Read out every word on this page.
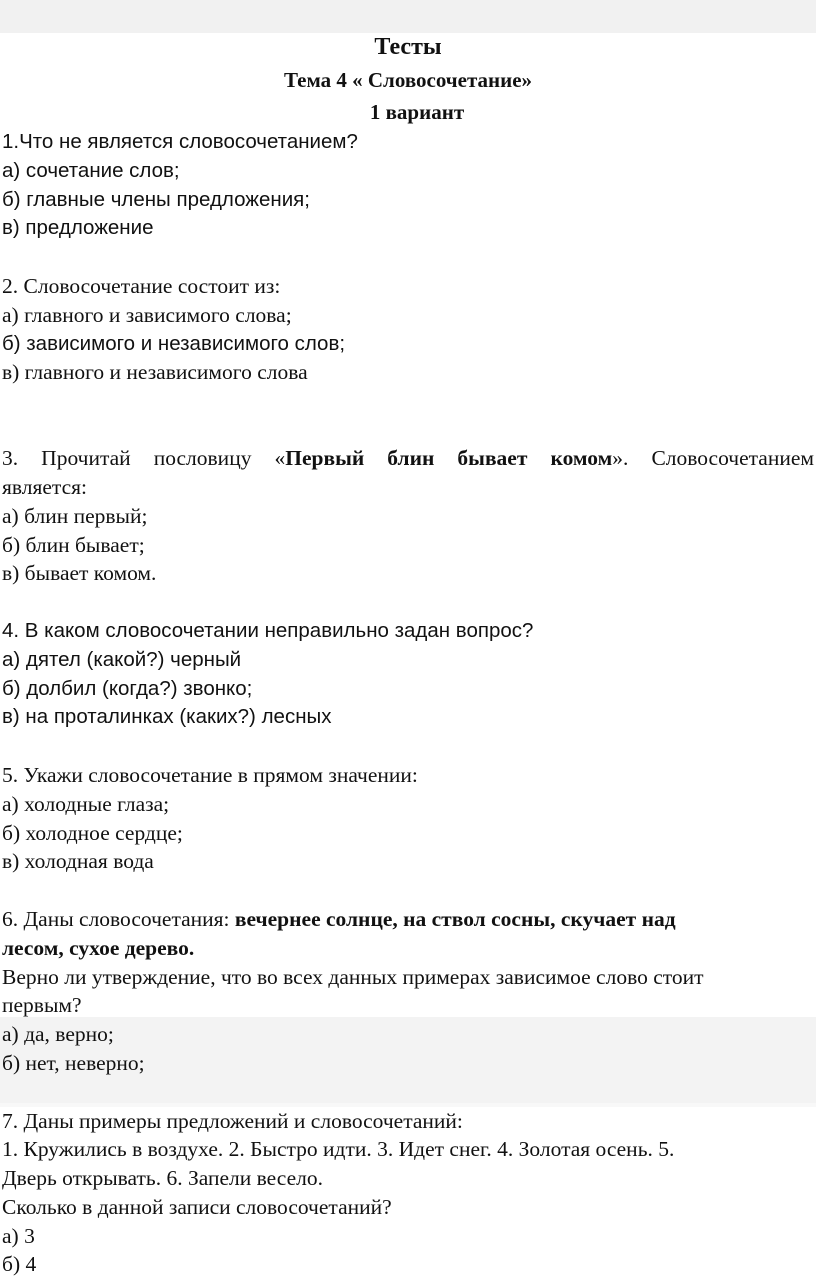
Тесты
Тема 4 « Словосочетание»
1 вариант
1.Что не является словосочетанием?
а) сочетание слов;
б) главные члены предложения;
в) предложение
2. Словосочетание состоит из:
а) главного и зависимого слова;
б) зависимого и независимого слов;
в) главного и независимого слова
3. Прочитай пословицу «Первый блин бывает комом». Словосочетанием
является:
а) блин первый;
б) блин бывает;
в) бывает комом.
4. В каком словосочетании неправильно задан вопрос?
а) дятел (какой?) черный
б) долбил (когда?) звонко;
в) на проталинках (каких?) лесных
5. Укажи словосочетание в прямом значении:
а) холодные глаза;
б) холодное сердце;
в) холодная вода
6. Даны словосочетания: вечернее солнце, на ствол сосны, скучает над
лесом, сухое дерево.
Верно ли утверждение, что во всех данных примерах зависимое слово стоит
первым?
а) да, верно;
б) нет, неверно;
7. Даны примеры предложений и словосочетаний:
1. Кружились в воздухе. 2. Быстро идти. 3. Идет снег. 4. Золотая осень. 5.
Дверь открывать. 6. Запели весело.
Сколько в данной записи словосочетаний?
а) 3
б) 4
